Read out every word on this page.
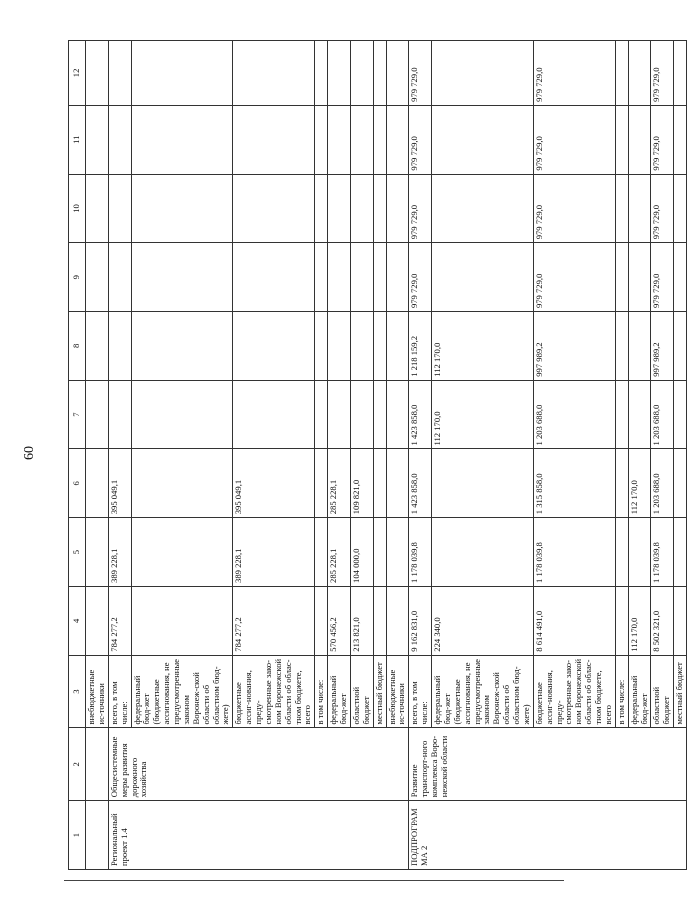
60
1	2	3	4	5	6	7	8	9	10	11	12
		внебюджетные ис-точники									
Региональный проект 1.4	Общесистемные меры развития дорожного хозяйства	всего, в том числе:	784 277,2	389 228,1	395 049,1						
		федеральный бюд-жет (бюджетные ассигнования, не предусмотренные законом Воронеж-ской области об областном бюд-жете)									
		бюджетные ассиг-нования, преду-смотренные зако-ном Воронежской области об облас-тном бюджете, всего	784 277,2	389 228,1	395 049,1						
		в том числе:									
		федеральный бюд-жет	570 456,2	285 228,1	285 228,1						
		областной бюджет	213 821,0	104 000,0	109 821,0						
		местный бюджет									
		внебюджетные ис-точники									
ПОДПРОГРАММА 2	Развитие транспорт-ного комплекса Воро-нежской области	всего, в том числе:	9 162 831,0	1 178 039,8	1 423 858,0	1 423 858,0	1 218 159,2	979 729,0	979 729,0	979 729,0	979 729,0
		федеральный бюд-жет (бюджетные ассигнования, не предусмотренные законом Воронеж-ской области об областном бюд-жете)	224 340,0			112 170,0	112 170,0				
		бюджетные ассиг-нования, преду-смотренные зако-ном Воронежской области об облас-тном бюджете, всего	8 614 491,0	1 178 039,8	1 315 858,0	1 203 688,0	997 989,2	979 729,0	979 729,0	979 729,0	979 729,0
		в том числе:									
		федеральный бюд-жет	112 170,0		112 170,0						
		областной бюджет	8 502 321,0	1 178 039,8	1 203 688,0	1 203 688,0	997 989,2	979 729,0	979 729,0	979 729,0	979 729,0
		местный бюджет									
